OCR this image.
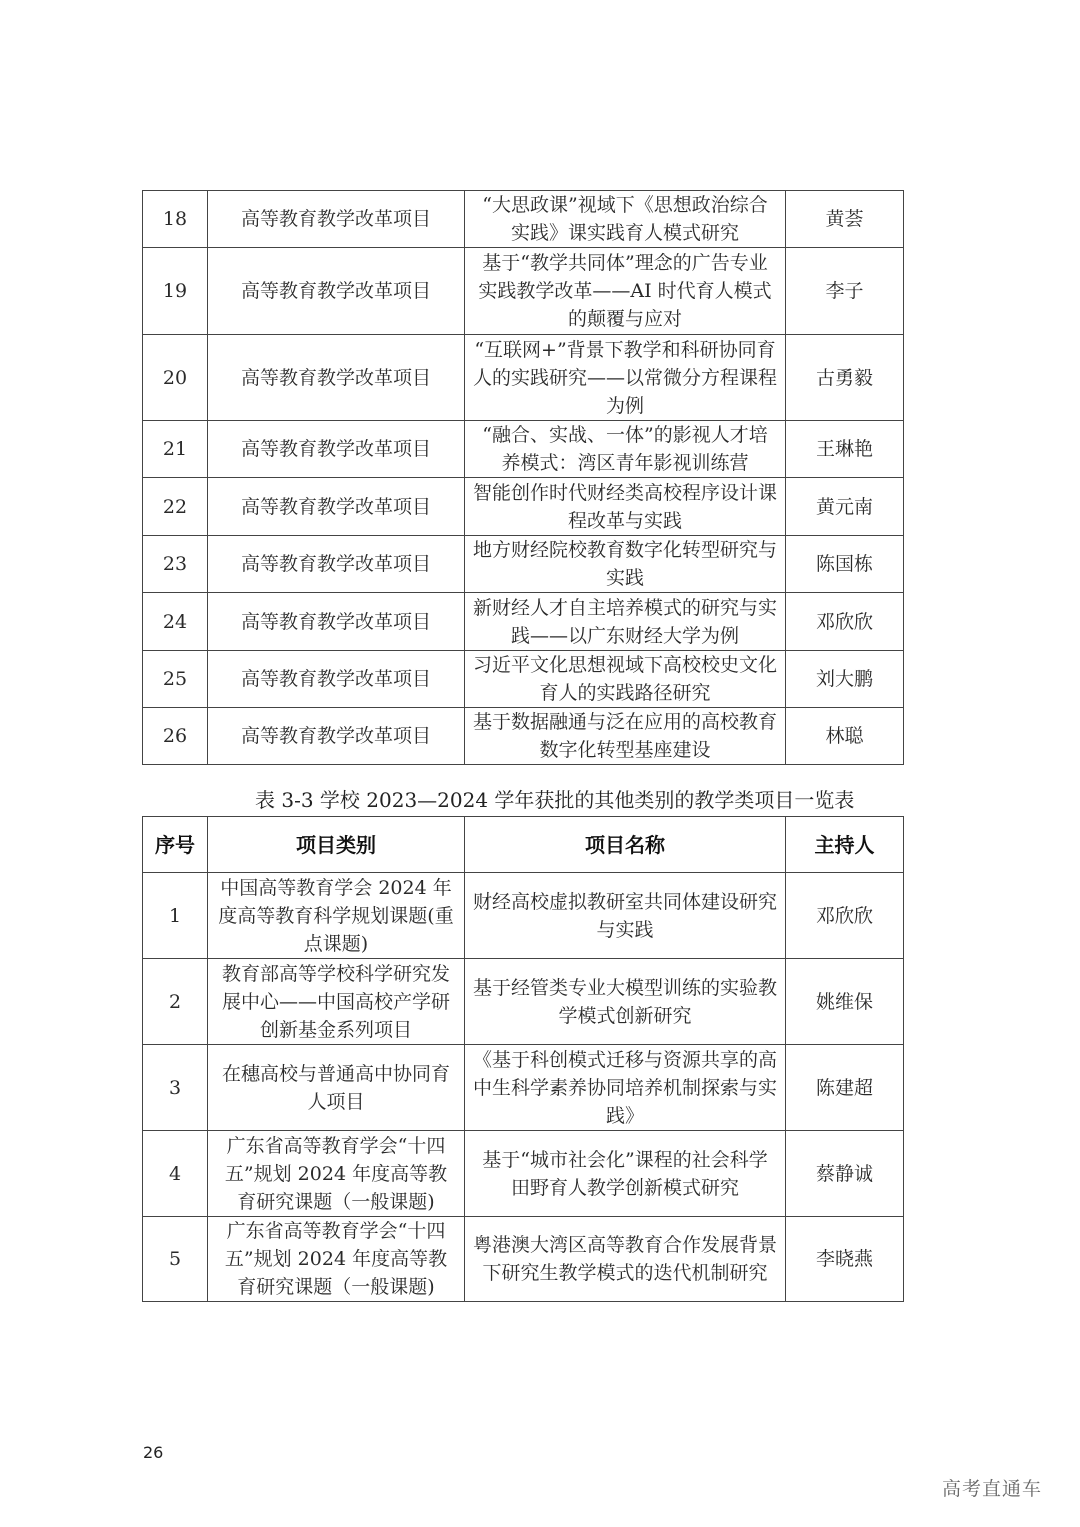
18	高等教育教学改革项目	“大思政课”视域下《思想政治综合实践》课实践育人模式研究	黄荟
19	高等教育教学改革项目	基于“教学共同体”理念的广告专业实践教学改革——AI 时代育人模式的颠覆与应对	李子
20	高等教育教学改革项目	“互联网+”背景下教学和科研协同育人的实践研究——以常微分方程课程为例	古勇毅
21	高等教育教学改革项目	“融合、实战、一体”的影视人才培养模式：湾区青年影视训练营	王琳艳
22	高等教育教学改革项目	智能创作时代财经类高校程序设计课程改革与实践	黄元南
23	高等教育教学改革项目	地方财经院校教育数字化转型研究与实践	陈国栋
24	高等教育教学改革项目	新财经人才自主培养模式的研究与实践——以广东财经大学为例	邓欣欣
25	高等教育教学改革项目	习近平文化思想视域下高校校史文化育人的实践路径研究	刘大鹏
26	高等教育教学改革项目	基于数据融通与泛在应用的高校教育数字化转型基座建设	林聪
表 3-3 学校 2023—2024 学年获批的其他类别的教学类项目一览表
序号	项目类别	项目名称	主持人
1	中国高等教育学会 2024 年度高等教育科学规划课题(重点课题)	财经高校虚拟教研室共同体建设研究与实践	邓欣欣
2	教育部高等学校科学研究发展中心——中国高校产学研创新基金系列项目	基于经管类专业大模型训练的实验教学模式创新研究	姚维保
3	在穗高校与普通高中协同育人项目	《基于科创模式迁移与资源共享的高中生科学素养协同培养机制探索与实践》	陈建超
4	广东省高等教育学会“十四五”规划 2024 年度高等教育研究课题（一般课题)	基于“城市社会化”课程的社会科学田野育人教学创新模式研究	蔡静诚
5	广东省高等教育学会“十四五”规划 2024 年度高等教育研究课题（一般课题)	粤港澳大湾区高等教育合作发展背景下研究生教学模式的迭代机制研究	李晓燕
26
高考直通车
